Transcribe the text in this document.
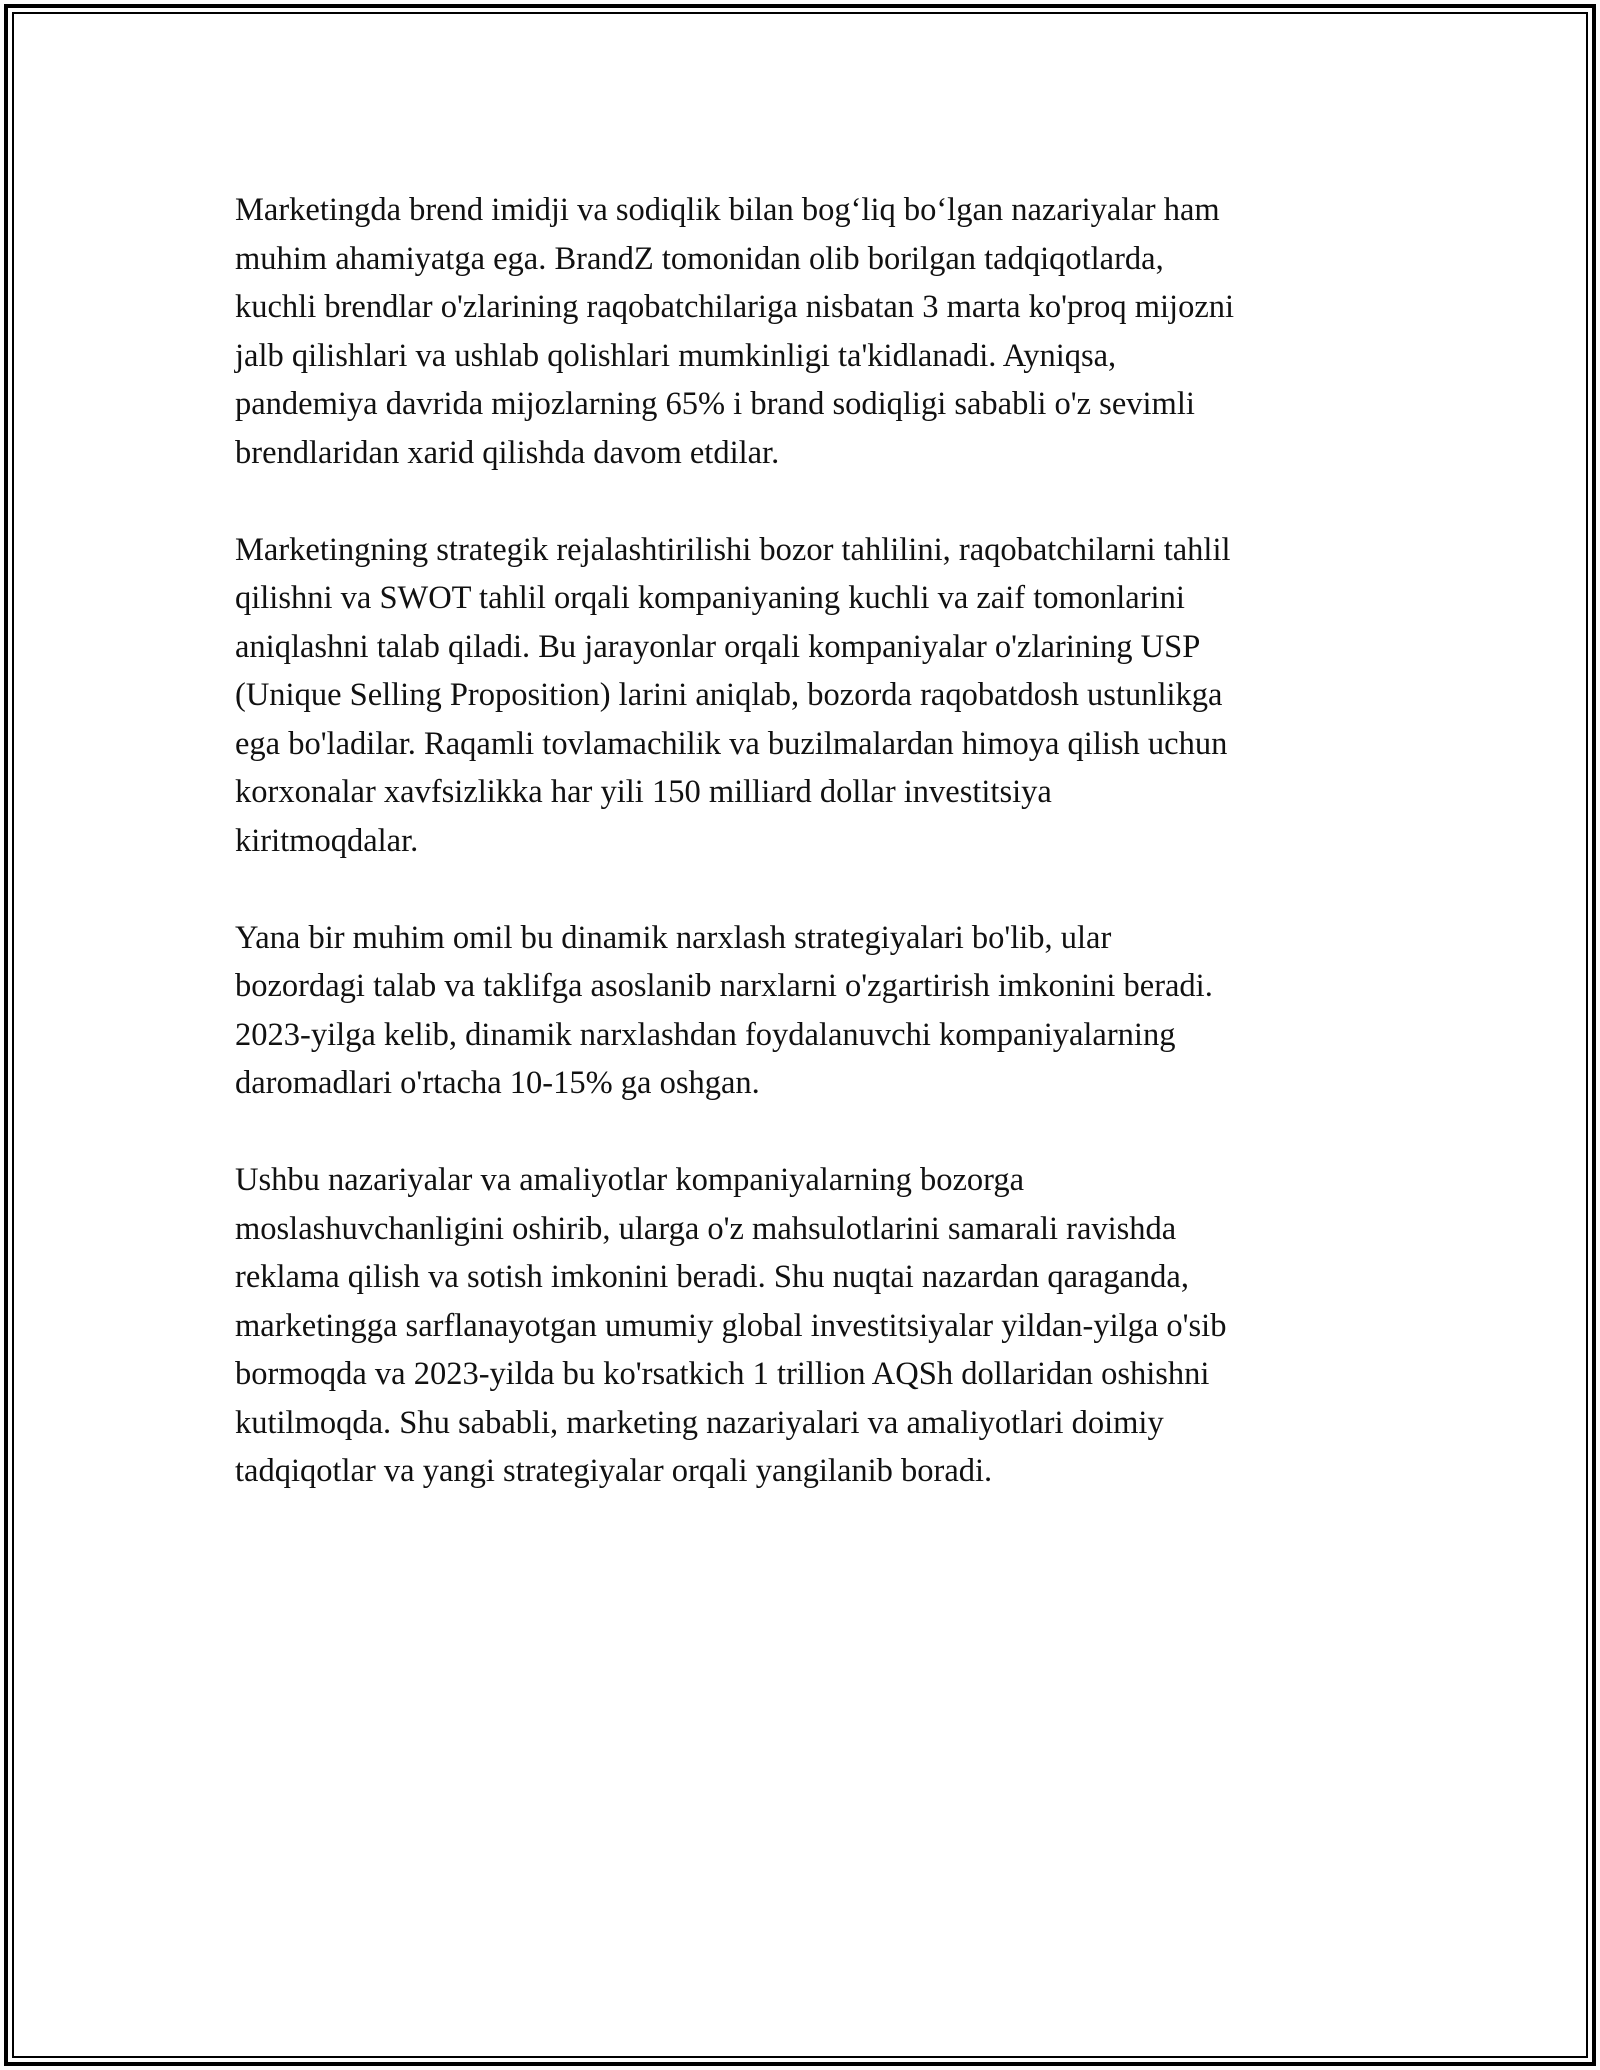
Marketingda brend imidji va sodiqlik bilan bog‘liq bo‘lgan nazariyalar ham
muhim ahamiyatga ega. BrandZ tomonidan olib borilgan tadqiqotlarda,
kuchli brendlar o'zlarining raqobatchilariga nisbatan 3 marta ko'proq mijozni
jalb qilishlari va ushlab qolishlari mumkinligi ta'kidlanadi. Ayniqsa,
pandemiya davrida mijozlarning 65% i brand sodiqligi sababli o'z sevimli
brendlaridan xarid qilishda davom etdilar.

Marketingning strategik rejalashtirilishi bozor tahlilini, raqobatchilarni tahlil
qilishni va SWOT tahlil orqali kompaniyaning kuchli va zaif tomonlarini
aniqlashni talab qiladi. Bu jarayonlar orqali kompaniyalar o'zlarining USP
(Unique Selling Proposition) larini aniqlab, bozorda raqobatdosh ustunlikga
ega bo'ladilar. Raqamli tovlamachilik va buzilmalardan himoya qilish uchun
korxonalar xavfsizlikka har yili 150 milliard dollar investitsiya
kiritmoqdalar.

Yana bir muhim omil bu dinamik narxlash strategiyalari bo'lib, ular
bozordagi talab va taklifga asoslanib narxlarni o'zgartirish imkonini beradi.
2023-yilga kelib, dinamik narxlashdan foydalanuvchi kompaniyalarning
daromadlari o'rtacha 10-15% ga oshgan.

Ushbu nazariyalar va amaliyotlar kompaniyalarning bozorga
moslashuvchanligini oshirib, ularga o'z mahsulotlarini samarali ravishda
reklama qilish va sotish imkonini beradi. Shu nuqtai nazardan qaraganda,
marketingga sarflanayotgan umumiy global investitsiyalar yildan-yilga o'sib
bormoqda va 2023-yilda bu ko'rsatkich 1 trillion AQSh dollaridan oshishni
kutilmoqda. Shu sababli, marketing nazariyalari va amaliyotlari doimiy
tadqiqotlar va yangi strategiyalar orqali yangilanib boradi.
